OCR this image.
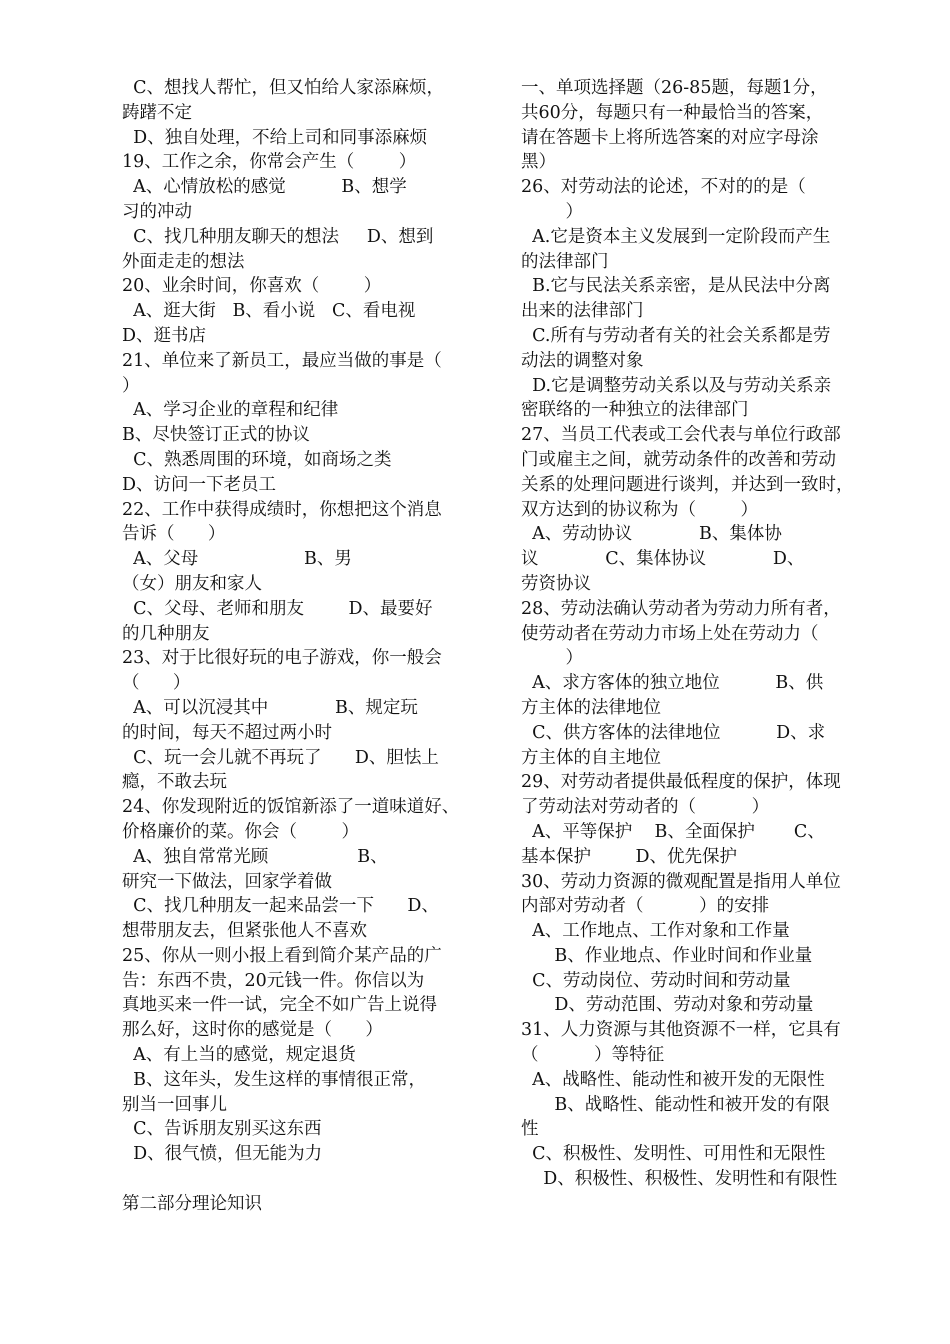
C、想找人帮忙，但又怕给人家添麻烦，
踌躇不定
D、独自处理，不给上司和同事添麻烦
19、工作之余，你常会产生（        ）
A、心情放松的感觉          B、想学
习的冲动
C、找几种朋友聊天的想法     D、想到
外面走走的想法
20、业余时间，你喜欢（        ）
A、逛大街   B、看小说   C、看电视
D、逛书店
21、单位来了新员工，最应当做的事是（
）
A、学习企业的章程和纪律
B、尽快签订正式的协议
C、熟悉周围的环境，如商场之类
D、访问一下老员工
22、工作中获得成绩时，你想把这个消息
告诉（      ）
A、父母                   B、男
（女）朋友和家人
C、父母、老师和朋友        D、最要好
的几种朋友
23、对于比很好玩的电子游戏，你一般会
（      ）
A、可以沉浸其中            B、规定玩
的时间，每天不超过两小时
C、玩一会儿就不再玩了      D、胆怯上
瘾，不敢去玩
24、你发现附近的饭馆新添了一道味道好、
价格廉价的菜。你会（        ）
A、独自常常光顾                B、
研究一下做法，回家学着做
C、找几种朋友一起来品尝一下      D、
想带朋友去，但紧张他人不喜欢
25、你从一则小报上看到简介某产品的广
告：东西不贵，20元钱一件。你信以为
真地买来一件一试，完全不如广告上说得
那么好，这时你的感觉是（      ）
A、有上当的感觉，规定退货
B、这年头，发生这样的事情很正常，
别当一回事儿
C、告诉朋友别买这东西
D、很气愤，但无能为力
第二部分理论知识
一、单项选择题（26-85题，每题1分，
共60分，每题只有一种最恰当的答案，
请在答题卡上将所选答案的对应字母涂
黑）
26、对劳动法的论述，不对的的是（
）
A.它是资本主义发展到一定阶段而产生
的法律部门
B.它与民法关系亲密，是从民法中分离
出来的法律部门
C.所有与劳动者有关的社会关系都是劳
动法的调整对象
D.它是调整劳动关系以及与劳动关系亲
密联络的一种独立的法律部门
27、当员工代表或工会代表与单位行政部
门或雇主之间，就劳动条件的改善和劳动
关系的处理问题进行谈判，并达到一致时，
双方达到的协议称为（        ）
A、劳动协议            B、集体协
议            C、集体协议            D、
劳资协议
28、劳动法确认劳动者为劳动力所有者，
使劳动者在劳动力市场上处在劳动力（
）
A、求方客体的独立地位          B、供
方主体的法律地位
C、供方客体的法律地位          D、求
方主体的自主地位
29、对劳动者提供最低程度的保护，体现
了劳动法对劳动者的（          ）
A、平等保护    B、全面保护       C、
基本保护        D、优先保护
30、劳动力资源的微观配置是指用人单位
内部对劳动者（          ）的安排
A、工作地点、工作对象和工作量
B、作业地点、作业时间和作业量
C、劳动岗位、劳动时间和劳动量
D、劳动范围、劳动对象和劳动量
31、人力资源与其他资源不一样，它具有
（          ）等特征
A、战略性、能动性和被开发的无限性
B、战略性、能动性和被开发的有限
性
C、积极性、发明性、可用性和无限性
D、积极性、积极性、发明性和有限性
